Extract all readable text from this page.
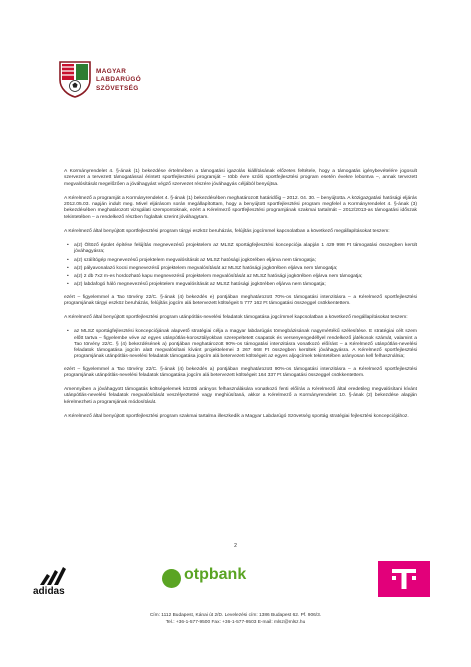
MAGYAR
LABDARÚGÓ
SZÖVETSÉG

A Kormányrendelet 4. §-ának (1) bekezdése értelmében a támogatási igazolás kiállításának előzetes feltétele, hogy a támogatás igénybevételére jogosult szervezet a tervezett támogatással érintett sportfejlesztési programját – több évre szóló sportfejlesztési program esetén évekre lebontva –, annak tervezett megvalósítását megelőzően a jóváhagyást végző szervezet részére jóváhagyás céljából benyújtsa.

A Kérelmező a programját a Kormányrendelet 4. §-ának (1) bekezdésében meghatározott határidőig – 2012. 04. 30. – benyújtotta. A közigazgatási hatósági eljárás 2012.05.03. napján indult meg. Mivel eljárásom során megállapítottam, hogy a benyújtott sportfejlesztési program megfelel a Kormányrendelet 4. §-ának (3) bekezdésében meghatározott vizsgálati szempontoknak, ezért a Kérelmező sportfejlesztési programjának szakmai tartalmát – 2012/2013-as támogatási időszak tekintetében – a rendelkező részben foglaltak szerint jóváhagytam.

A Kérelmező által benyújtott sportfejlesztési program tárgyi eszköz beruházás, felújítás jogcímmel kapcsolatban a következő megállapításokat teszem:

• a(z) Öltöző épület építése felújítás megnevezésű projektelem az MLSZ sportágfejlesztési koncepciója alapján 1 429 998 Ft támogatási összegben került jóváhagyásra;
• a(z) szálítógép megnevezésű projektelem megvalósítását az MLSZ hatósági jogkörében eljárva nem támogatja;
• a(z) pályavonalazó kocsi megnevezésű projektelem megvalósítását az MLSZ hatósági jogkörében eljárva nem támogatja;
• a(z) 2 db 7x2 m-es hordozható kapu megnevezésű projektelem megvalósítását az MLSZ hatósági jogkörében eljárva nem támogatja;
• a(z) labdafogó háló megnevezésű projektelem megvalósítását az MLSZ hatósági jogkörében eljárva nem támogatja;

ezért – figyelemmel a Tao törvény 22/C. §-ának (4) bekezdés e) pontjában meghatározott 70%-os támogatási intenzitásra – a Kérelmező sportfejlesztési programjának tárgyi eszköz beruházás, felújítás jogcím alá betervezett költségeit 5 777 162 Ft támogatási összeggel csökkentettem.

A Kérelmező által benyújtott sportfejlesztési program utánpótlás-nevelési feladatok támogatása jogcímmel kapcsolatban a következő megállapításokat teszem:

• az MLSZ sportágfejlesztési koncepciójának alapvető stratégiai célja a magyar labdarúgás tömegbázisának nagymértékű szélesítése. E stratégiai célt szem előtt tartva – figyelembe véve az egyes utánpótlás-korosztályokban szerepeltetett csapatok és versenyengedéllyel rendelkező játékosok számát, valamint a Tao törvény 22/C. § (4) bekezdésének a) pontjában meghatározott 90%-os támogatási intenzitásra vonatkozó előírást – a Kérelmező utánpótlás-nevelési feladatok támogatása jogcím alatt megvalósítani kívánt projektelemei 3 267 668 Ft összegben kerültek jóváhagyásra. A Kérelmező sportfejlesztési programjának utánpótlás-nevelési feladatok támogatása jogcím alá betervezett költségeit az egyes aljogcímek tekintetében arányosan kell felhasználnia;

ezért – figyelemmel a Tao törvény 22/C. §-ának (4) bekezdés a) pontjában meghatározott 90%-os támogatási intenzitásra – a Kérelmező sportfejlesztési programjának utánpótlás-nevelési feladatok támogatása jogcím alá betervezett költségeit 164 337 Ft támogatási összeggel csökkentettem.

Amennyiben a jóváhagyott támogatás költségelemek közötti arányos felhasználására vonatkozó fenti előírás a Kérelmező által eredetileg megvalósítani kívánt utánpótlás-nevelési feladatok megvalósítását veszélyeztetné vagy meghiúsítaná, akkor a Kérelmező a Kormányrendelet 10. §-ának (2) bekezdése alapján kérelmezheti a programjának módosítását.

A Kérelmező által benyújtott sportfejlesztési program szakmai tartalma illeszkedik a Magyar Labdarúgó Szövetség sportág stratégiai fejlesztési koncepciójához.

2
adidas
otpbank
Cím: 1112 Budapest, Kánai út 2/D. Levelezési cím: 1386 Budapest 62. Pf. 906/3.
Tel.: +36-1-577-9500 Fax: +36-1-577-9503 E-mail: mlsz@mlsz.hu
